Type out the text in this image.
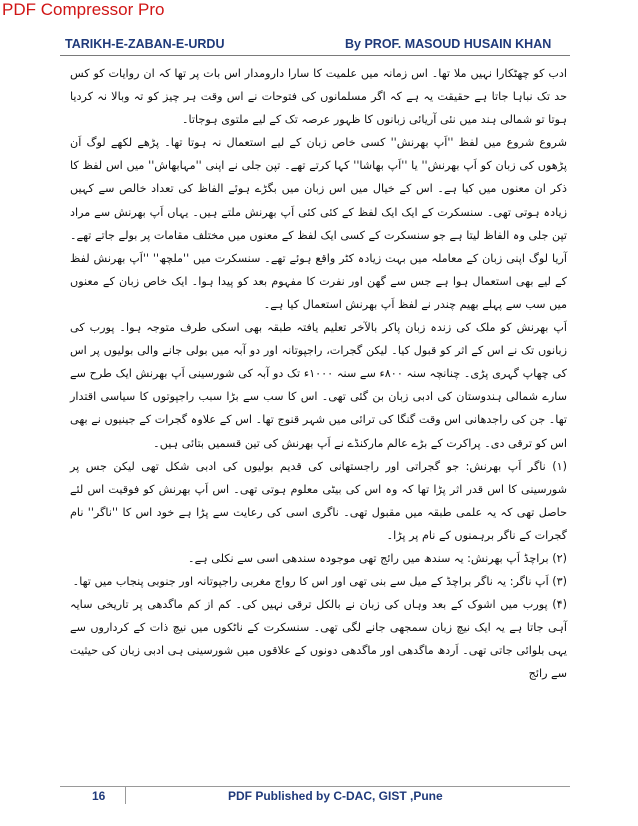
PDF Compressor Pro
TARIKH-E-ZABAN-E-URDU	By PROF. MASOUD HUSAIN KHAN

ادب کو چھٹکارا نہیں ملا تھا۔ اس زمانہ میں علمیت کا سارا دارومدار اس بات پر تھا کہ ان روایات کو کس حد تک نباہا جاتا ہے حقیقت یہ ہے کہ اگر مسلمانوں کی فتوحات نے اس وقت ہر چیز کو تہ وبالا نہ کردیا ہوتا تو شمالی ہند میں نئی آریائی زبانوں کا ظہور عرصہ تک کے لیے ملتوی ہوجاتا۔

شروع شروع میں لفظ ''اَپ بھرنش'' کسی خاص زبان کے لیے استعمال نہ ہوتا تھا۔ پڑھے لکھے لوگ اَن پڑھوں کی زبان کو اَپ بھرنش'' یا ''اَپ بھاشا'' کہا کرتے تھے۔ تپن جلی نے اپنی ''مہابھاش'' میں اس لفظ کا ذکر ان معنوں میں کیا ہے۔ اس کے خیال میں اس زبان میں بگڑے ہوئے الفاظ کی تعداد خالص سے کہیں زیادہ ہوتی تھی۔ سنسکرت کے ایک ایک لفظ کے کئی کئی اَپ بھرنش ملتے ہیں۔ یہاں اَپ بھرنش سے مراد تپن جلی وہ الفاظ لیتا ہے جو سنسکرت کے کسی ایک لفظ کے معنوں میں مختلف مقامات پر بولے جاتے تھے۔ آریا لوگ اپنی زبان کے معاملہ میں بہت زیادہ کٹر واقع ہوئے تھے۔ سنسکرت میں ''ملچھ'' ''اَپ بھرنش لفظ کے لیے بھی استعمال ہوا ہے جس سے گھن اور نفرت کا مفہوم بعد کو پیدا ہوا۔ ایک خاص زبان کے معنوں میں سب سے پہلے بھیم چندر نے لفظ اَپ بھرنش استعمال کیا ہے۔

اَپ بھرنش کو ملک کی زندہ زبان پاکر بالآخر تعلیم یافتہ طبقہ بھی اسکی طرف متوجہ ہوا۔ پورب کی زبانوں تک نے اس کے اثر کو قبول کیا۔ لیکن گجرات، راجپوتانہ اور دو آبہ میں بولی جانے والی بولیوں پر اس کی چھاپ گہری پڑی۔ چنانچہ سنہ ۸۰۰ء سے سنہ ۱۰۰۰ء تک دو آبہ کی شورسینی اَپ بھرنش ایک طرح سے سارے شمالی ہندوستان کی ادبی زبان بن گئی تھی۔ اس کا سب سے بڑا سبب راجپوتوں کا سیاسی اقتدار تھا۔ جن کی راجدھانی اس وقت گنگا کی ترائی میں شہر قنوج تھا۔ اس کے علاوہ گجرات کے جینیوں نے بھی اس کو ترقی دی۔ پراکرت کے بڑے عالم مارکنڈے نے اَپ بھرنش کی تین قسمیں بتائی ہیں۔

(۱) ناگر اَپ بھرنش: جو گجراتی اور راجستھانی کی قدیم بولیوں کی ادبی شکل تھی لیکن جس پر شورسینی کا اس قدر اثر پڑا تھا کہ وہ اس کی بیٹی معلوم ہوتی تھی۔ اس اَپ بھرنش کو فوقیت اس لئے حاصل تھی کہ یہ علمی طبقہ میں مقبول تھی۔ ناگری اسی کی رعایت سے پڑا ہے خود اس کا ''ناگر'' نام گجرات کے ناگر برہمنوں کے نام پر پڑا۔

(۲) براچڈ اَپ بھرنش: یہ سندھ میں رائج تھی موجودہ سندھی اسی سے نکلی ہے۔

(۳) اَپ ناگر: یہ ناگر براچڈ کے میل سے بنی تھی اور اس کا رواج مغربی راجپوتانہ اور جنوبی پنجاب میں تھا۔

(۴) پورب میں اشوک کے بعد وہاں کی زبان نے بالکل ترقی نہیں کی۔ کم از کم ماگدھی پر تاریخی سایہ آہی جاتا ہے یہ ایک نیچ زبان سمجھی جانے لگی تھی۔ سنسکرت کے ناٹکوں میں نیچ ذات کے کرداروں سے یہی بلوائی جاتی تھی۔ اَردھ ماگدھی اور ماگدھی دونوں کے علاقوں میں شورسینی ہی ادبی زبان کی حیثیت سے رائج

16	PDF Published by C-DAC, GIST ,Pune
